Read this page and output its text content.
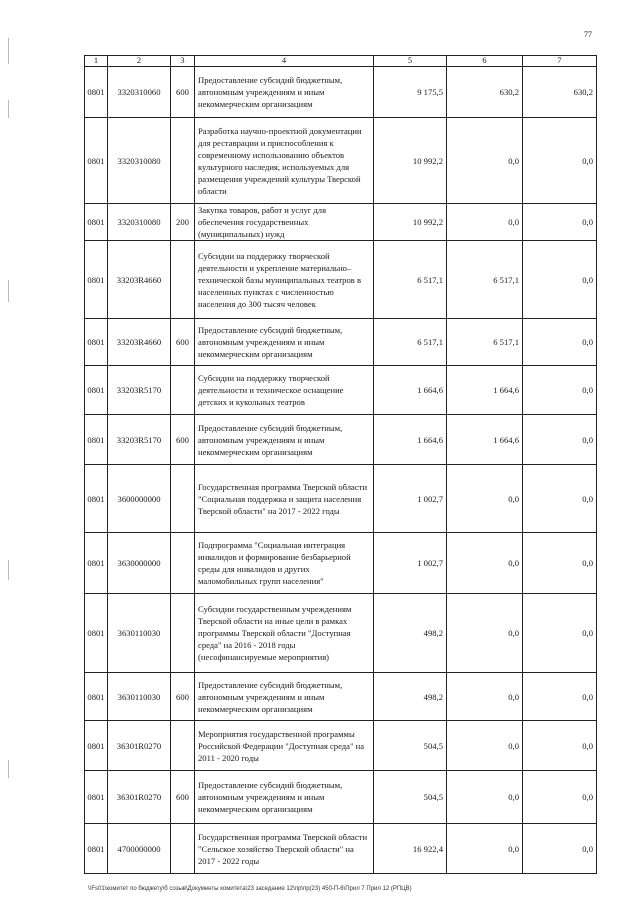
77
1	2	3	4	5	6	7
0801	3320310060	600	Предоставление субсидий бюджетным, автономным учреждениям и иным некоммерческим организациям	9 175,5	630,2	630,2
0801	3320310080		Разработка научно-проектной документации для реставрации и приспособления к современному использованию объектов культурного наследия, используемых для размещения учреждений культуры Тверской области	10 992,2	0,0	0,0
0801	3320310080	200	Закупка товаров, работ и услуг для обеспечения государственных (муниципальных) нужд	10 992,2	0,0	0,0
0801	33203R4660		Субсидии на поддержку творческой деятельности и укрепление материально–технической базы муниципальных театров в населенных пунктах с численностью населения до 300 тысяч человек	6 517,1	6 517,1	0,0
0801	33203R4660	600	Предоставление субсидий бюджетным, автономным учреждениям и иным некоммерческим организациям	6 517,1	6 517,1	0,0
0801	33203R5170		Субсидии на поддержку творческой деятельности и техническое оснащение детских и кукольных театров	1 664,6	1 664,6	0,0
0801	33203R5170	600	Предоставление субсидий бюджетным, автономным учреждениям и иным некоммерческим организациям	1 664,6	1 664,6	0,0
0801	3600000000		Государственная программа Тверской области "Социальная поддержка и защита населения Тверской области" на 2017 - 2022 годы	1 002,7	0,0	0,0
0801	3630000000		Подпрограмма "Социальная интеграция инвалидов и формирование безбарьерной среды для инвалидов и других маломобильных групп населения"	1 002,7	0,0	0,0
0801	3630110030		Субсидии государственным учреждениям Тверской области на иные цели в рамках программы Тверской области "Доступная среда" на 2016 - 2018 годы (несофинансируемые мероприятия)	498,2	0,0	0,0
0801	3630110030	600	Предоставление субсидий бюджетным, автономным учреждениям и иным некоммерческим организациям	498,2	0,0	0,0
0801	36301R0270		Мероприятия государственной программы Российской Федерации "Доступная среда" на 2011 - 2020 годы	504,5	0,0	0,0
0801	36301R0270	600	Предоставление субсидий бюджетным, автономным учреждениям и иным некоммерческим организациям	504,5	0,0	0,0
0801	4700000000		Государственная программа Тверской области "Сельское хозяйство Тверской области" на 2017 - 2022 годы	16 922,4	0,0	0,0
\\Fs01\комитет по бюджету\б созыв\Документы комитета\23 заседание 12\пр\пр(23) 450-П-6\Прил 7 Прил 12 (РПЦВ)
